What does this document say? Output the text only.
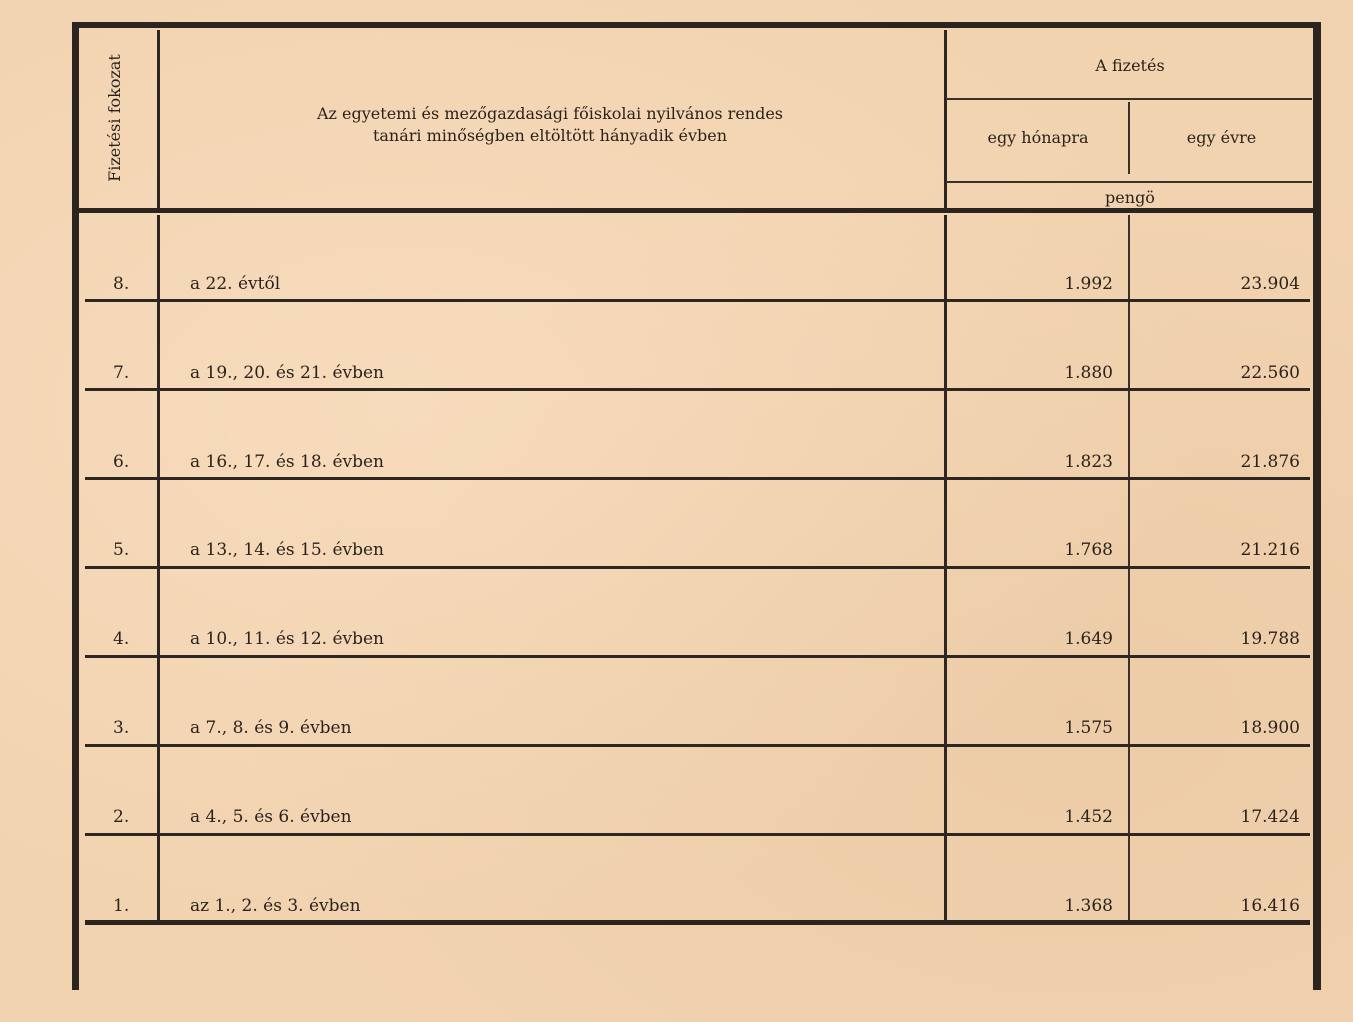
Fizetési fokozat	Az egyetemi és mezőgazdasági főiskolai nyilvános rendes
tanári minőségben eltöltött hányadik évben
A fizetés
egy hónapra	egy évre
pengö
8.	a 22. évtől	1.992	23.904
7.	a 19., 20. és 21. évben	1.880	22.560
6.	a 16., 17. és 18. évben	1.823	21.876
5.	a 13., 14. és 15. évben	1.768	21.216
4.	a 10., 11. és 12. évben	1.649	19.788
3.	a 7., 8. és 9. évben	1.575	18.900
2.	a 4., 5. és 6. évben	1.452	17.424
1.	az 1., 2. és 3. évben	1.368	16.416
